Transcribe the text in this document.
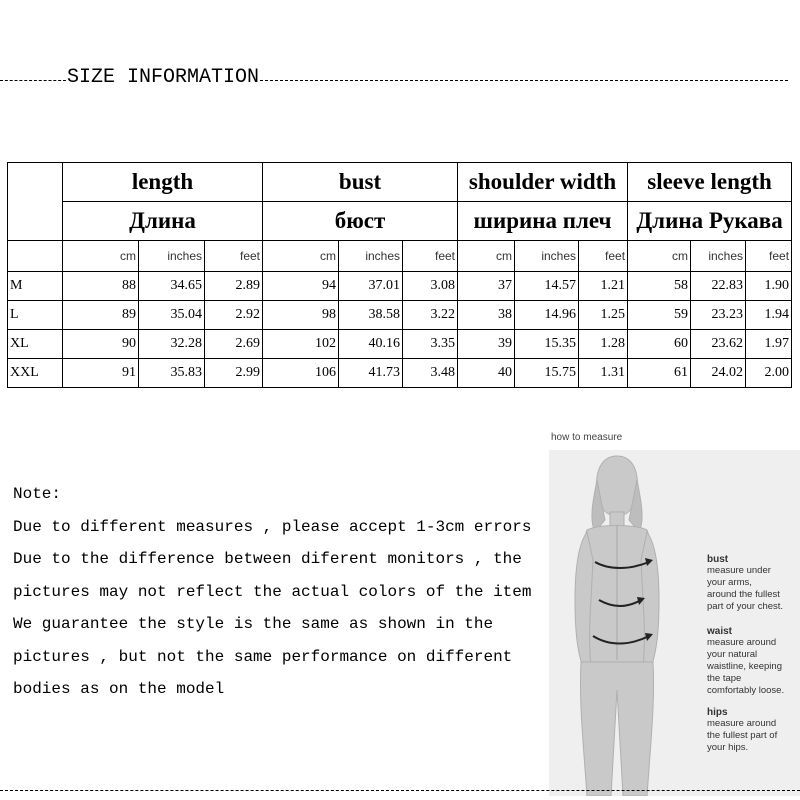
SIZE INFORMATION
	length			bust			shoulder width			sleeve length		
	Длина			бюст			ширина плеч			Длина Рукава		
	cm	inches	feet	cm	inches	feet	cm	inches	feet	cm	inches	feet
M	88	34.65	2.89	94	37.01	3.08	37	14.57	1.21	58	22.83	1.90
L	89	35.04	2.92	98	38.58	3.22	38	14.96	1.25	59	23.23	1.94
XL	90	32.28	2.69	102	40.16	3.35	39	15.35	1.28	60	23.62	1.97
XXL	91	35.83	2.99	106	41.73	3.48	40	15.75	1.31	61	24.02	2.00
Note:
Due to different measures , please accept 1-3cm errors
Due to the difference between diferent monitors , the
pictures may not reflect the actual colors of the item
We guarantee the style is the same as shown in the
pictures , but not the same performance on different
bodies as on the model
how to measure
bust
measure under
your arms,
around the fullest
part of your chest.
waist
measure around
your natural
waistline, keeping
the tape
comfortably loose.
hips
measure around
the fullest part of
your hips.
